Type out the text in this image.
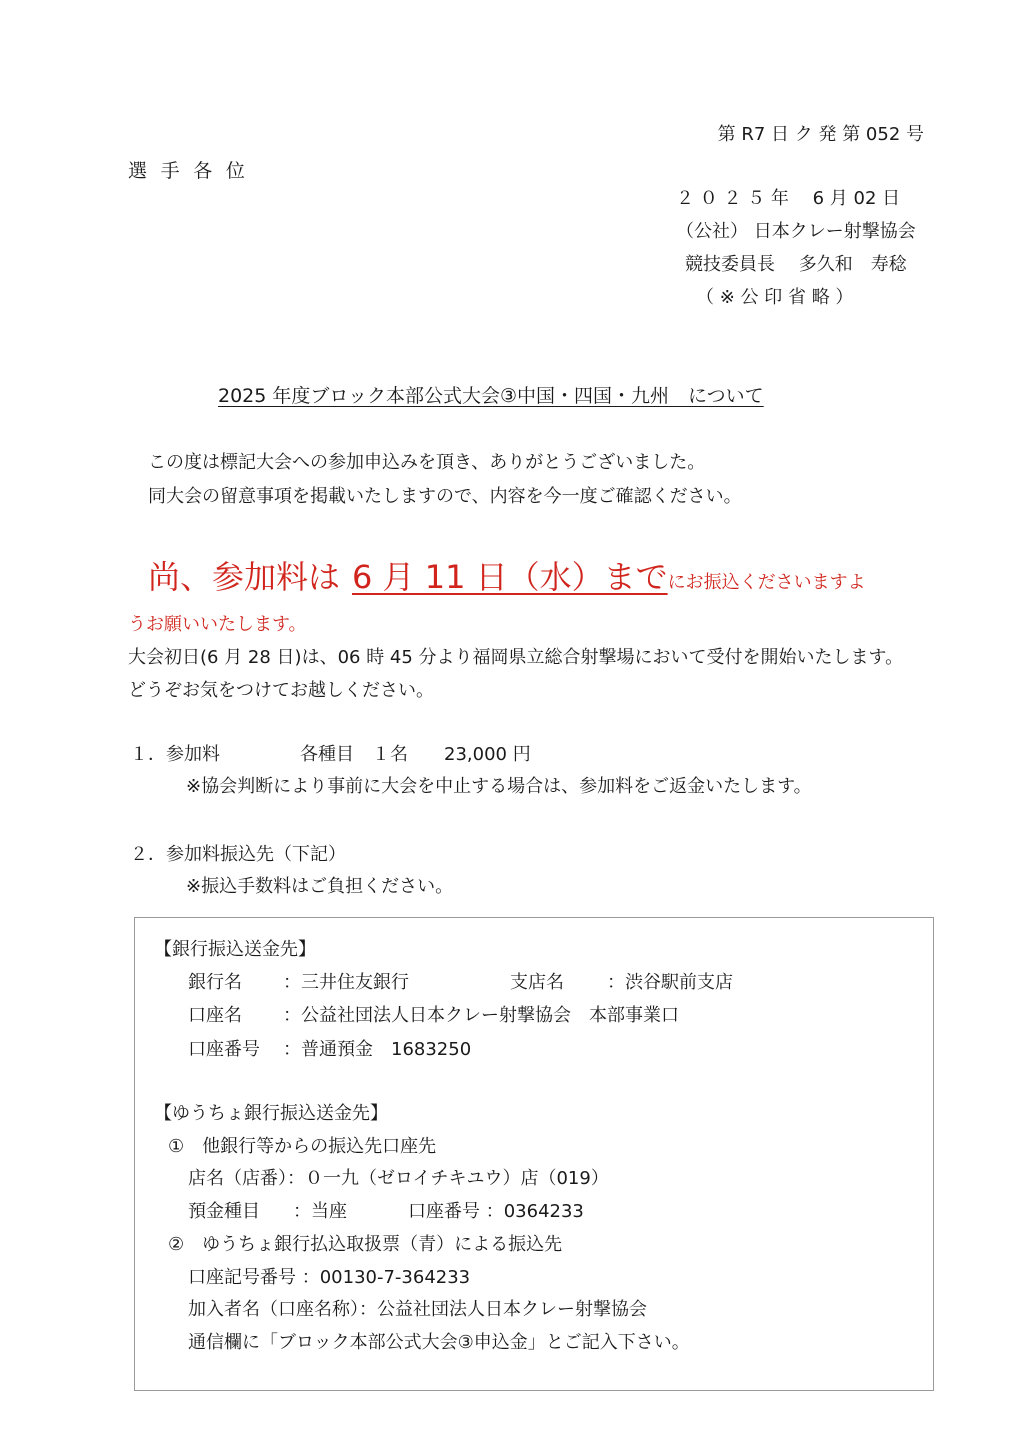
第 R7 日 ク 発 第 052 号
選 手 各 位
２ ０ ２ ５ 年　 6 月 02 日
（公社） 日本クレー射撃協会
競技委員長　 多久和　寿稔
（ ※ 公 印 省 略 ）
2025 年度ブロック本部公式大会③中国・四国・九州　について
この度は標記大会への参加申込みを頂き、ありがとうございました。
同大会の留意事項を掲載いたしますので、内容を今一度ご確認ください。
尚、参加料は 6 月 11 日（水）までにお振込くださいますよ
うお願いいたします。
大会初日(6 月 28 日)は、06 時 45 分より福岡県立総合射撃場において受付を開始いたします。
どうぞお気をつけてお越しください。
１．参加料	各種目　１名　　23,000 円
※協会判断により事前に大会を中止する場合は、参加料をご返金いたします。
２．参加料振込先（下記）
※振込手数料はご負担ください。
【銀行振込送金先】
銀行名 ：三井住友銀行	支店名 ：渋谷駅前支店
口座名 ：公益社団法人日本クレー射撃協会　本部事業口
口座番号 ：普通預金　1683250
【ゆうちょ銀行振込送金先】
①　他銀行等からの振込先口座先
店名（店番）：０一九（ゼロイチキユウ）店（019）
預金種目 ：当座	口座番号 ：0364233
②　ゆうちょ銀行払込取扱票（青）による振込先
口座記号番号 ：00130-7-364233
加入者名（口座名称）：公益社団法人日本クレー射撃協会
通信欄に「ブロック本部公式大会③申込金」とご記入下さい。
